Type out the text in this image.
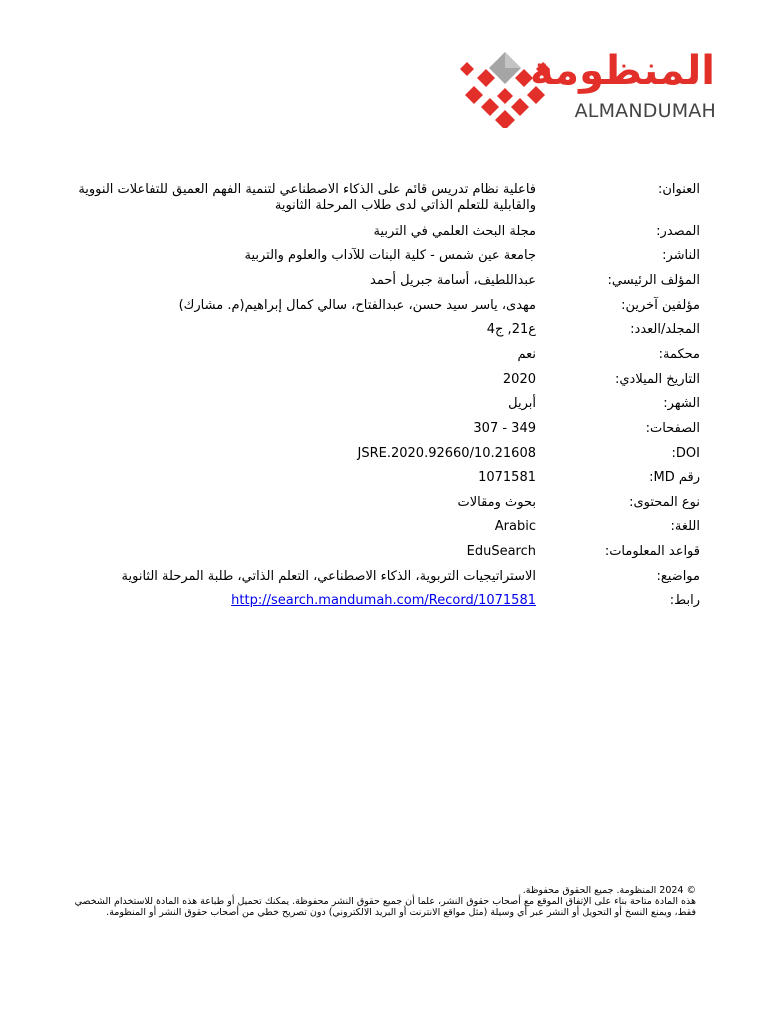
المنظومة
ALMANDUMAH
العنوان:
فاعلية نظام تدريس قائم على الذكاء الاصطناعي لتنمية الفهم العميق للتفاعلات النووية والقابلية للتعلم الذاتي لدى طلاب المرحلة الثانوية
المصدر:
مجلة البحث العلمي في التربية
الناشر:
جامعة عين شمس - كلية البنات للآداب والعلوم والتربية
المؤلف الرئيسي:
عبداللطيف، أسامة جبريل أحمد
مؤلفين آخرين:
مهدى، ياسر سيد حسن، عبدالفتاح، سالي كمال إبراهيم(م. مشارك)
المجلد/العدد:
ع21, ج4
محكمة:
نعم
التاريخ الميلادي:
2020
الشهر:
أبريل
الصفحات:
307 - 349
DOI:
10.21608/JSRE.2020.92660
رقم MD:
1071581
نوع المحتوى:
بحوث ومقالات
اللغة:
Arabic
قواعد المعلومات:
EduSearch
مواضيع:
الاستراتيجيات التربوية، الذكاء الاصطناعي، التعلم الذاتي، طلبة المرحلة الثانوية
رابط:
http://search.mandumah.com/Record/1071581

© 2024 المنظومة. جميع الحقوق محفوظة.

هذه المادة متاحة بناء على الإتفاق الموقع مع أصحاب حقوق النشر، علما أن جميع حقوق النشر محفوظة. يمكنك تحميل أو طباعة هذه المادة للاستخدام الشخصي فقط، ويمنع النسخ أو التحويل أو النشر عبر أي وسيلة (مثل مواقع الانترنت أو البريد الالكتروني) دون تصريح خطي من أصحاب حقوق النشر أو المنظومة.
